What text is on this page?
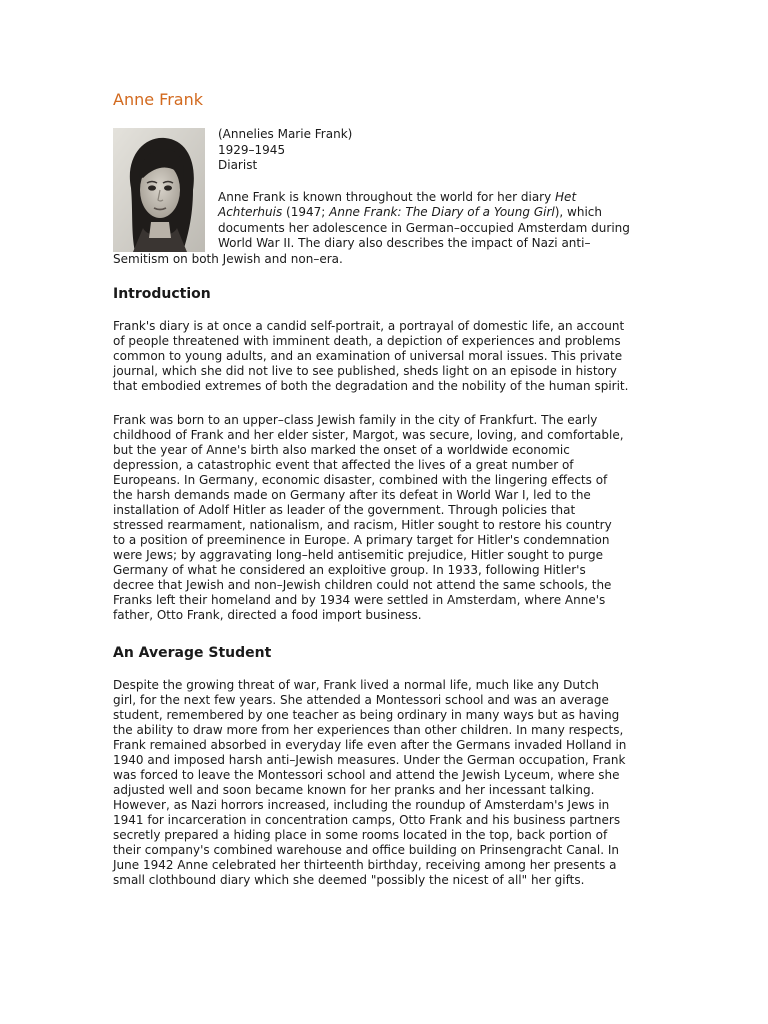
Anne Frank
(Annelies Marie Frank)
1929–1945
Diarist
Anne Frank is known throughout the world for her diary Het
Achterhuis (1947; Anne Frank: The Diary of a Young Girl), which
documents her adolescence in German–occupied Amsterdam during
World War II. The diary also describes the impact of Nazi anti–
Semitism on both Jewish and non–era.
Introduction
Frank's diary is at once a candid self-portrait, a portrayal of domestic life, an account
of people threatened with imminent death, a depiction of experiences and problems
common to young adults, and an examination of universal moral issues. This private
journal, which she did not live to see published, sheds light on an episode in history
that embodied extremes of both the degradation and the nobility of the human spirit.
Frank was born to an upper–class Jewish family in the city of Frankfurt. The early
childhood of Frank and her elder sister, Margot, was secure, loving, and comfortable,
but the year of Anne's birth also marked the onset of a worldwide economic
depression, a catastrophic event that affected the lives of a great number of
Europeans. In Germany, economic disaster, combined with the lingering effects of
the harsh demands made on Germany after its defeat in World War I, led to the
installation of Adolf Hitler as leader of the government. Through policies that
stressed rearmament, nationalism, and racism, Hitler sought to restore his country
to a position of preeminence in Europe. A primary target for Hitler's condemnation
were Jews; by aggravating long–held antisemitic prejudice, Hitler sought to purge
Germany of what he considered an exploitive group. In 1933, following Hitler's
decree that Jewish and non–Jewish children could not attend the same schools, the
Franks left their homeland and by 1934 were settled in Amsterdam, where Anne's
father, Otto Frank, directed a food import business.
An Average Student
Despite the growing threat of war, Frank lived a normal life, much like any Dutch
girl, for the next few years. She attended a Montessori school and was an average
student, remembered by one teacher as being ordinary in many ways but as having
the ability to draw more from her experiences than other children. In many respects,
Frank remained absorbed in everyday life even after the Germans invaded Holland in
1940 and imposed harsh anti–Jewish measures. Under the German occupation, Frank
was forced to leave the Montessori school and attend the Jewish Lyceum, where she
adjusted well and soon became known for her pranks and her incessant talking.
However, as Nazi horrors increased, including the roundup of Amsterdam's Jews in
1941 for incarceration in concentration camps, Otto Frank and his business partners
secretly prepared a hiding place in some rooms located in the top, back portion of
their company's combined warehouse and office building on Prinsengracht Canal. In
June 1942 Anne celebrated her thirteenth birthday, receiving among her presents a
small clothbound diary which she deemed "possibly the nicest of all" her gifts.
